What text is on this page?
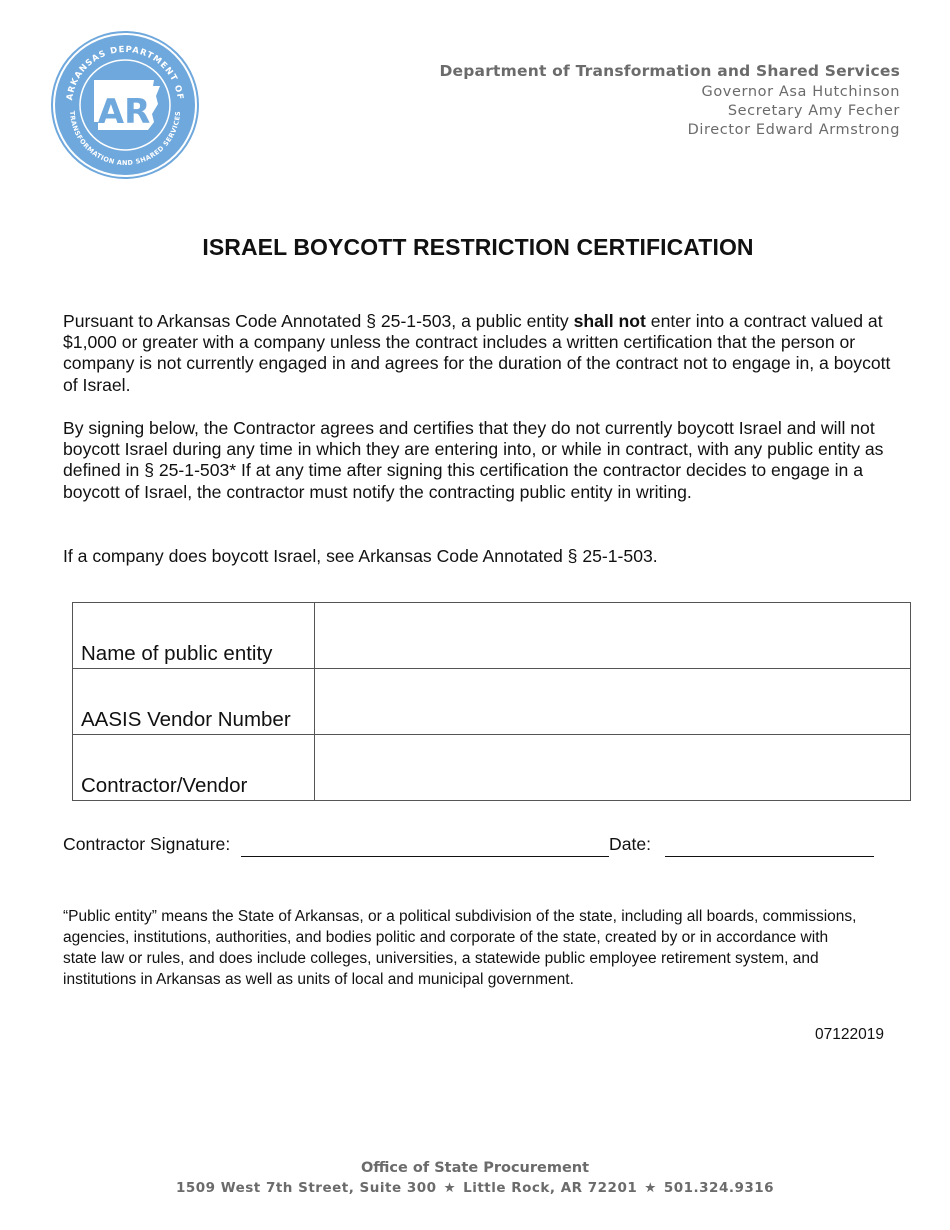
ARKANSAS DEPARTMENT OF
TRANSFORMATION AND SHARED SERVICES
AR
Department of Transformation and Shared Services
Governor Asa Hutchinson
Secretary Amy Fecher
Director Edward Armstrong
ISRAEL BOYCOTT RESTRICTION CERTIFICATION
Pursuant to Arkansas Code Annotated § 25-1-503, a public entity shall not enter into a contract valued at $1,000 or greater with a company unless the contract includes a written certification that the person or company is not currently engaged in and agrees for the duration of the contract not to engage in, a boycott of Israel.
By signing below, the Contractor agrees and certifies that they do not currently boycott Israel and will not boycott Israel during any time in which they are entering into, or while in contract, with any public entity as defined in § 25-1-503* If at any time after signing this certification the contractor decides to engage in a boycott of Israel, the contractor must notify the contracting public entity in writing.
If a company does boycott Israel, see Arkansas Code Annotated § 25-1-503.
Name of public entity	
AASIS Vendor Number	
Contractor/Vendor	
Contractor Signature:	Date:
“Public entity” means the State of Arkansas, or a political subdivision of the state, including all boards, commissions, agencies, institutions, authorities, and bodies politic and corporate of the state, created by or in accordance with state law or rules, and does include colleges, universities, a statewide public employee retirement system, and institutions in Arkansas as well as units of local and municipal government.
07122019
Office of State Procurement
1509 West 7th Street, Suite 300 ★ Little Rock, AR 72201 ★ 501.324.9316
